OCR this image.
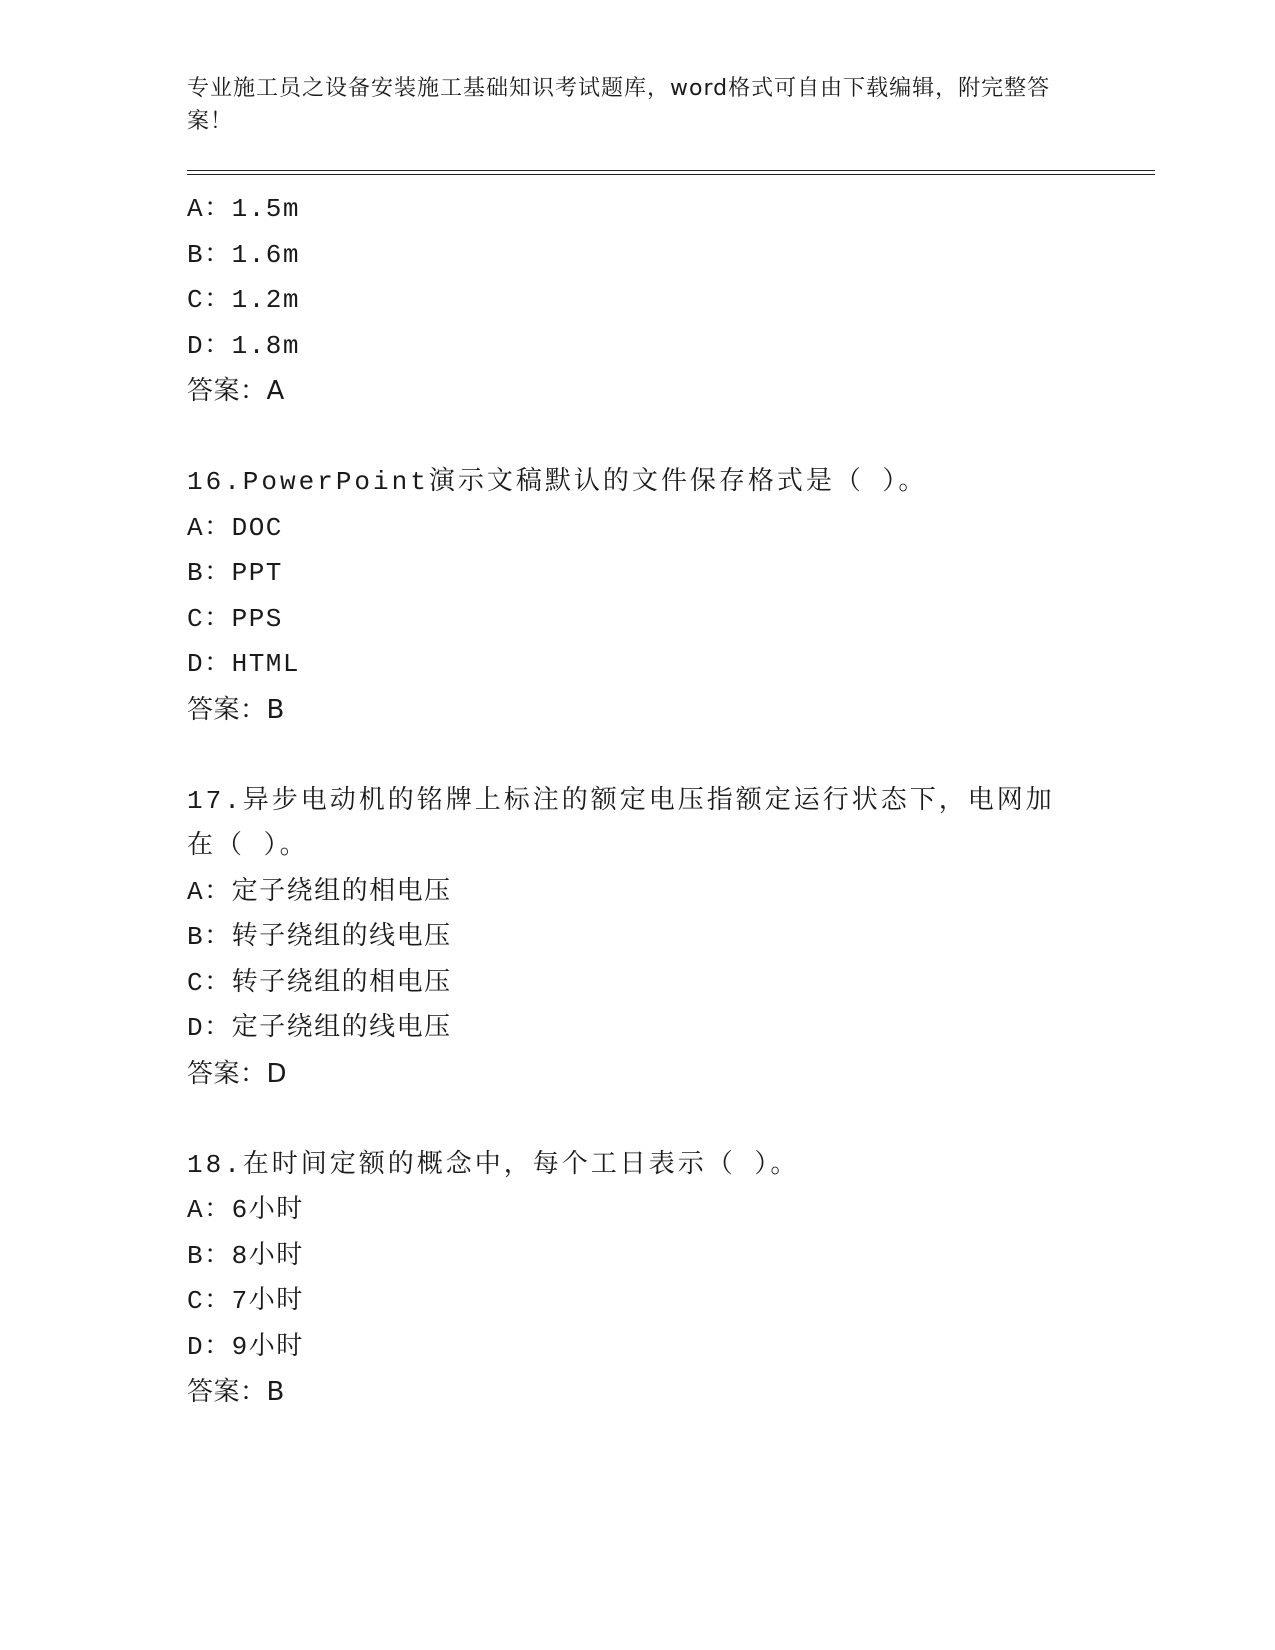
专业施工员之设备安装施工基础知识考试题库，word格式可自由下载编辑，附完整答案！
A：1.5m
B：1.6m
C：1.2m
D：1.8m
答案：A
16.PowerPoint演示文稿默认的文件保存格式是（ ）。
A：DOC
B：PPT
C：PPS
D：HTML
答案：B
17.异步电动机的铭牌上标注的额定电压指额定运行状态下，电网加在（ ）。
A：定子绕组的相电压
B：转子绕组的线电压
C：转子绕组的相电压
D：定子绕组的线电压
答案：D
18.在时间定额的概念中，每个工日表示（ ）。
A：6小时
B：8小时
C：7小时
D：9小时
答案：B
